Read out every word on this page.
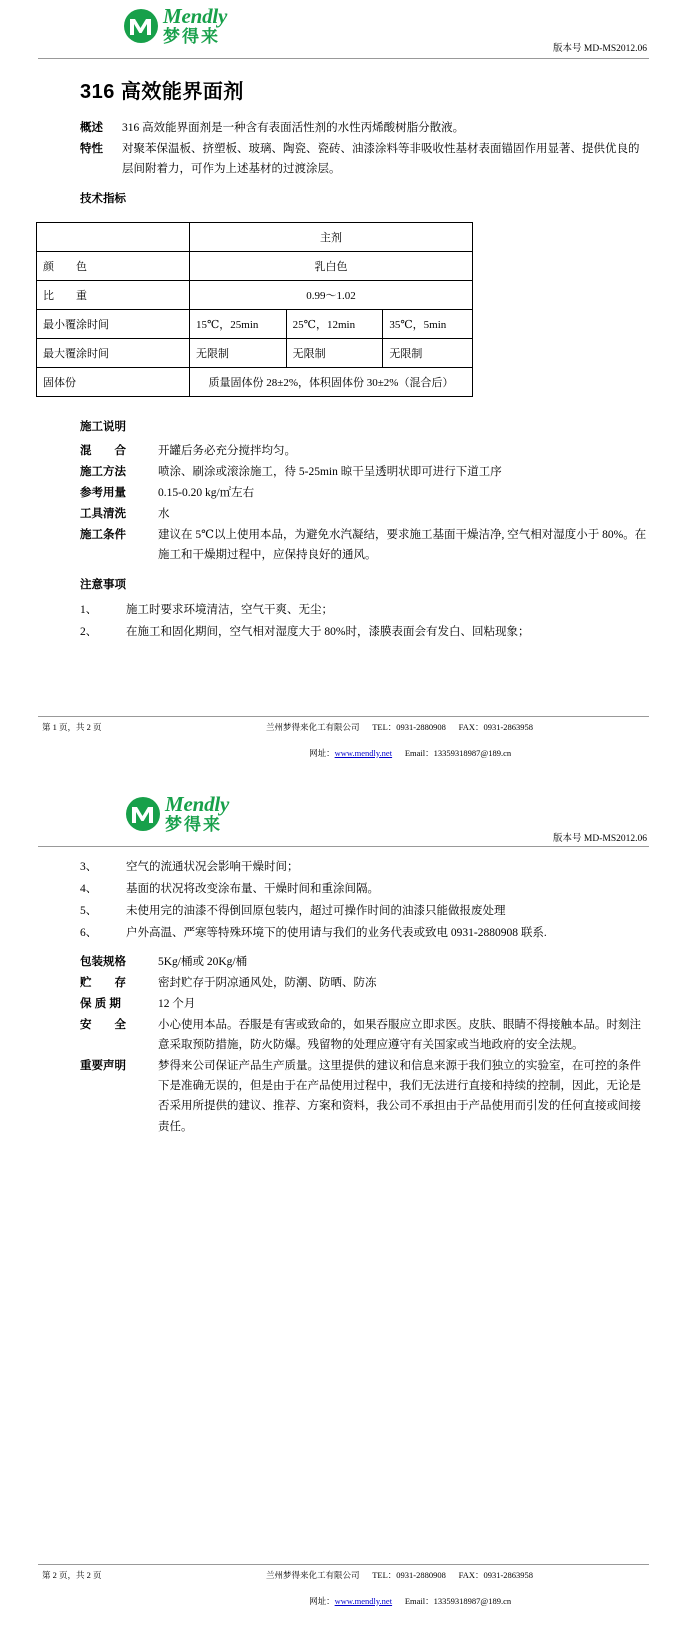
Mendly
梦得来
版本号 MD-MS2012.06
316 高效能界面剂
概述	316 高效能界面剂是一种含有表面活性剂的水性丙烯酸树脂分散液。
特性	对聚苯保温板、挤塑板、玻璃、陶瓷、瓷砖、油漆涂料等非吸收性基材表面锚固作用显著、提供优良的层间附着力，可作为上述基材的过渡涂层。
技术指标
	主剂		
颜　　色	乳白色		
比　　重	0.99～1.02		
最小覆涂时间	15℃，25min	25℃，12min	35℃，5min
最大覆涂时间	无限制	无限制	无限制
固体份	质量固体份 28±2%，体积固体份 30±2%（混合后）		
施工说明
混　　合	开罐后务必充分搅拌均匀。
施工方法	喷涂、刷涂或滚涂施工，待 5-25min 晾干呈透明状即可进行下道工序
参考用量	0.15-0.20 kg/㎡左右
工具清洗	水
施工条件	建议在 5℃以上使用本品，为避免水汽凝结，要求施工基面干燥洁净, 空气相对湿度小于 80%。在施工和干燥期过程中，应保持良好的通风。
注意事项
1、	施工时要求环境清洁，空气干爽、无尘；
2、	在施工和固化期间，空气相对湿度大于 80%时，漆膜表面会有发白、回粘现象；
第 1 页，共 2 页	兰州梦得来化工有限公司      TEL：0931-2880908      FAX：0931-2863958

网址：www.mendly.net Email：13359318987@189.cn

Mendly
梦得来
版本号 MD-MS2012.06
3、	空气的流通状况会影响干燥时间；
4、	基面的状况将改变涂布量、干燥时间和重涂间隔。
5、	未使用完的油漆不得倒回原包装内，超过可操作时间的油漆只能做报废处理
6、	户外高温、严寒等特殊环境下的使用请与我们的业务代表或致电 0931-2880908 联系.
包装规格	5Kg/桶或 20Kg/桶
贮　　存	密封贮存于阴凉通风处，防潮、防晒、防冻
保 质 期	12 个月
安　　全	小心使用本品。吞服是有害或致命的，如果吞服应立即求医。皮肤、眼睛不得接触本品。时刻注意采取预防措施，防火防爆。残留物的处理应遵守有关国家或当地政府的安全法规。
重要声明	梦得来公司保证产品生产质量。这里提供的建议和信息来源于我们独立的实验室，在可控的条件下是准确无误的，但是由于在产品使用过程中，我们无法进行直接和持续的控制，因此，无论是否采用所提供的建议、推荐、方案和资料，我公司不承担由于产品使用而引发的任何直接或间接责任。
第 2 页，共 2 页	兰州梦得来化工有限公司      TEL：0931-2880908      FAX：0931-2863958

网址：www.mendly.net Email：13359318987@189.cn
